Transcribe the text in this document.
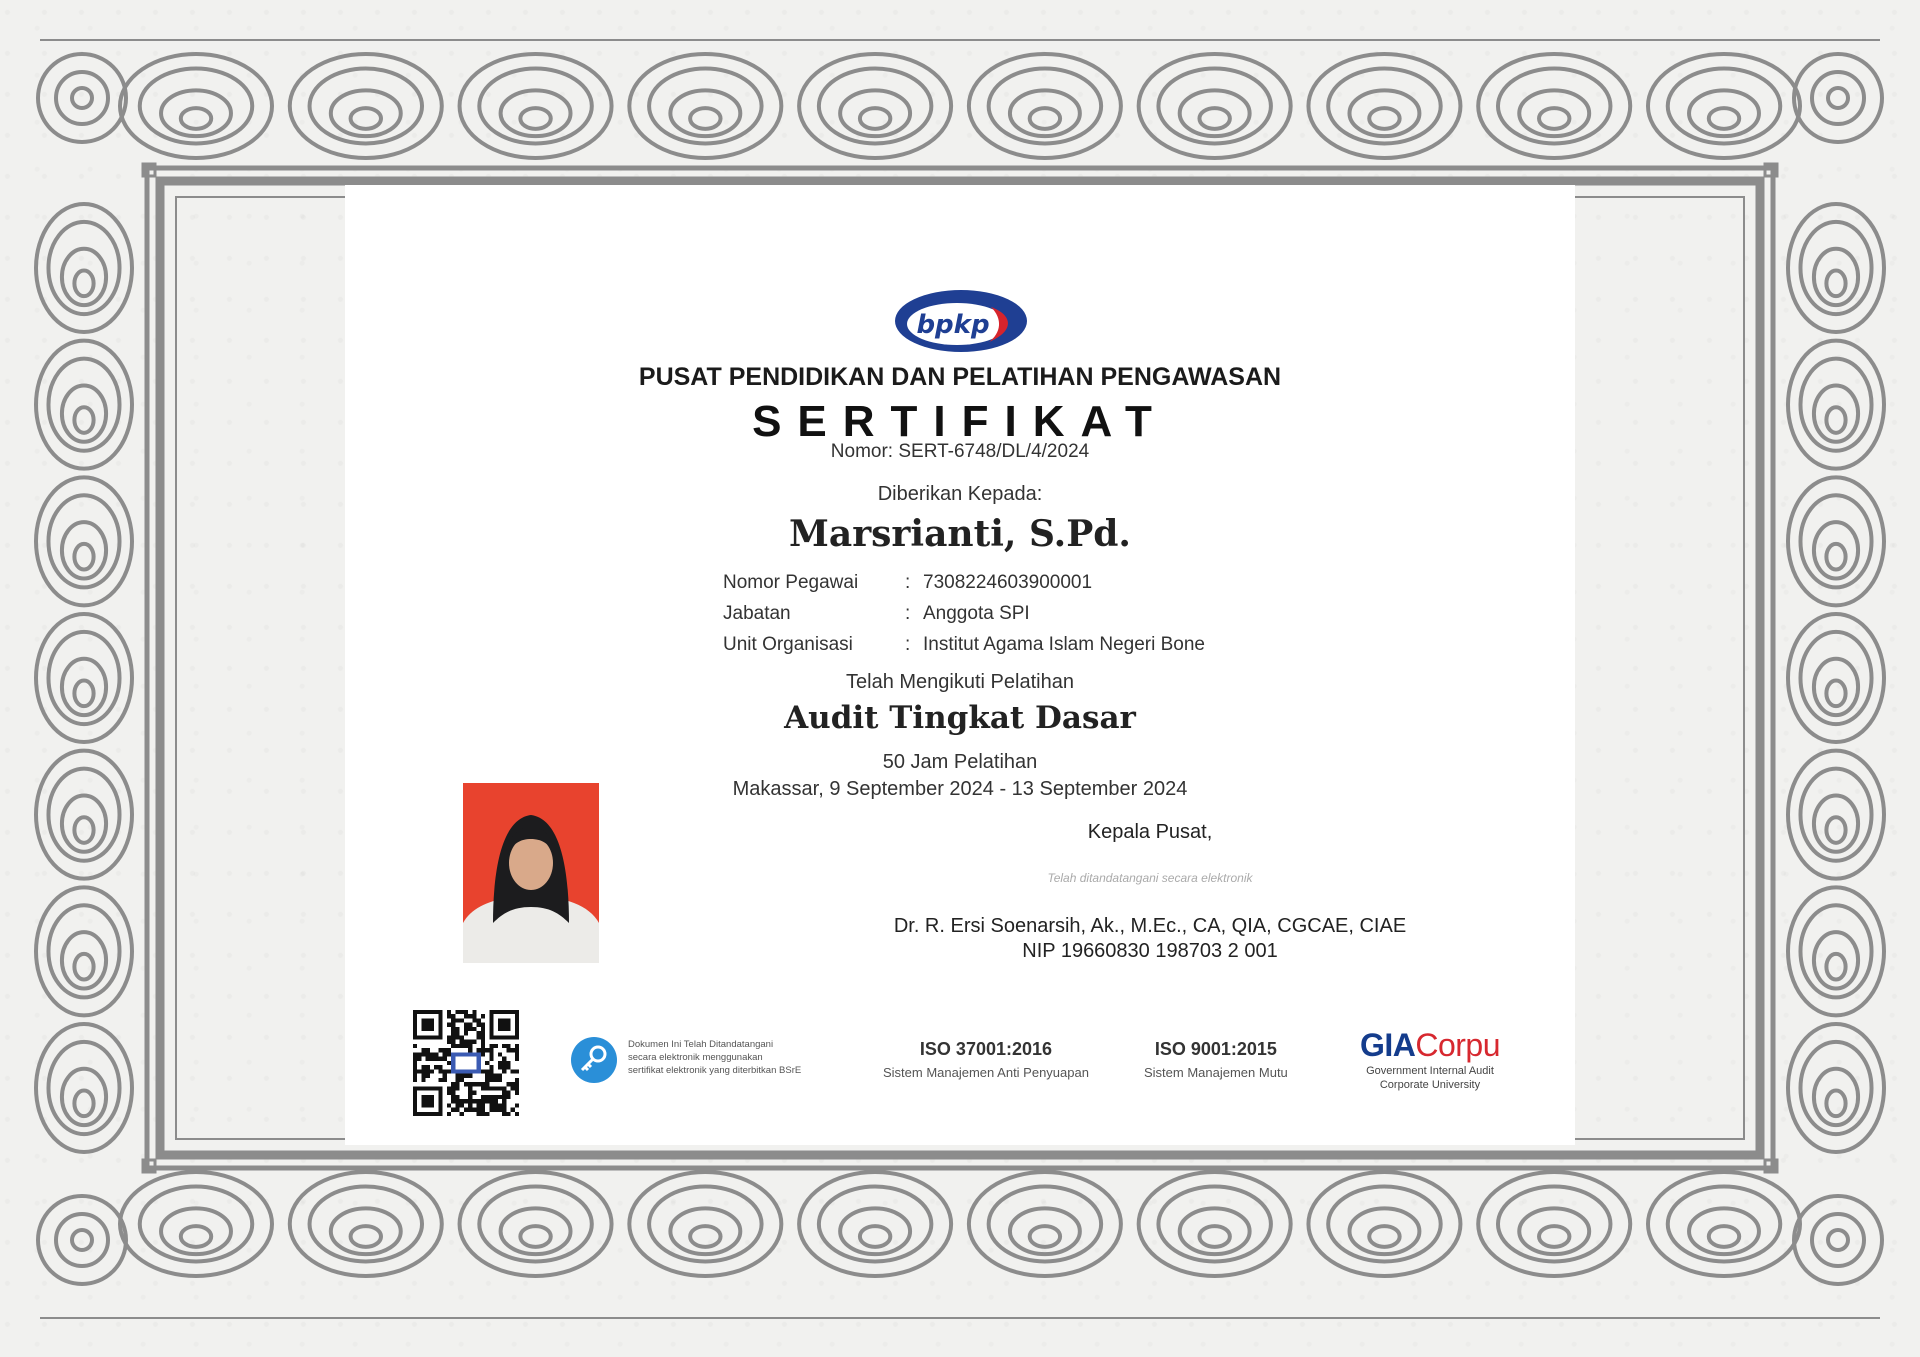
bpkp
PUSAT PENDIDIKAN DAN PELATIHAN PENGAWASAN
SERTIFIKAT
Nomor: SERT-6748/DL/4/2024
Diberikan Kepada:
Marsrianti, S.Pd.
Nomor Pegawai	: 7308224603900001
Jabatan	: Anggota SPI
Unit Organisasi	: Institut Agama Islam Negeri Bone
Telah Mengikuti Pelatihan
Audit Tingkat Dasar
50 Jam Pelatihan
Makassar, 9 September 2024 - 13 September 2024
Kepala Pusat,
Telah ditandatangani secara elektronik
Dr. R. Ersi Soenarsih, Ak., M.Ec., CA, QIA, CGCAE, CIAE
NIP 19660830 198703 2 001
Dokumen Ini Telah Ditandatangani
secara elektronik menggunakan
sertifikat elektronik yang diterbitkan BSrE
ISO 37001:2016
Sistem Manajemen Anti Penyuapan
ISO 9001:2015
Sistem Manajemen Mutu
GIACorpu
Government Internal Audit
Corporate University
